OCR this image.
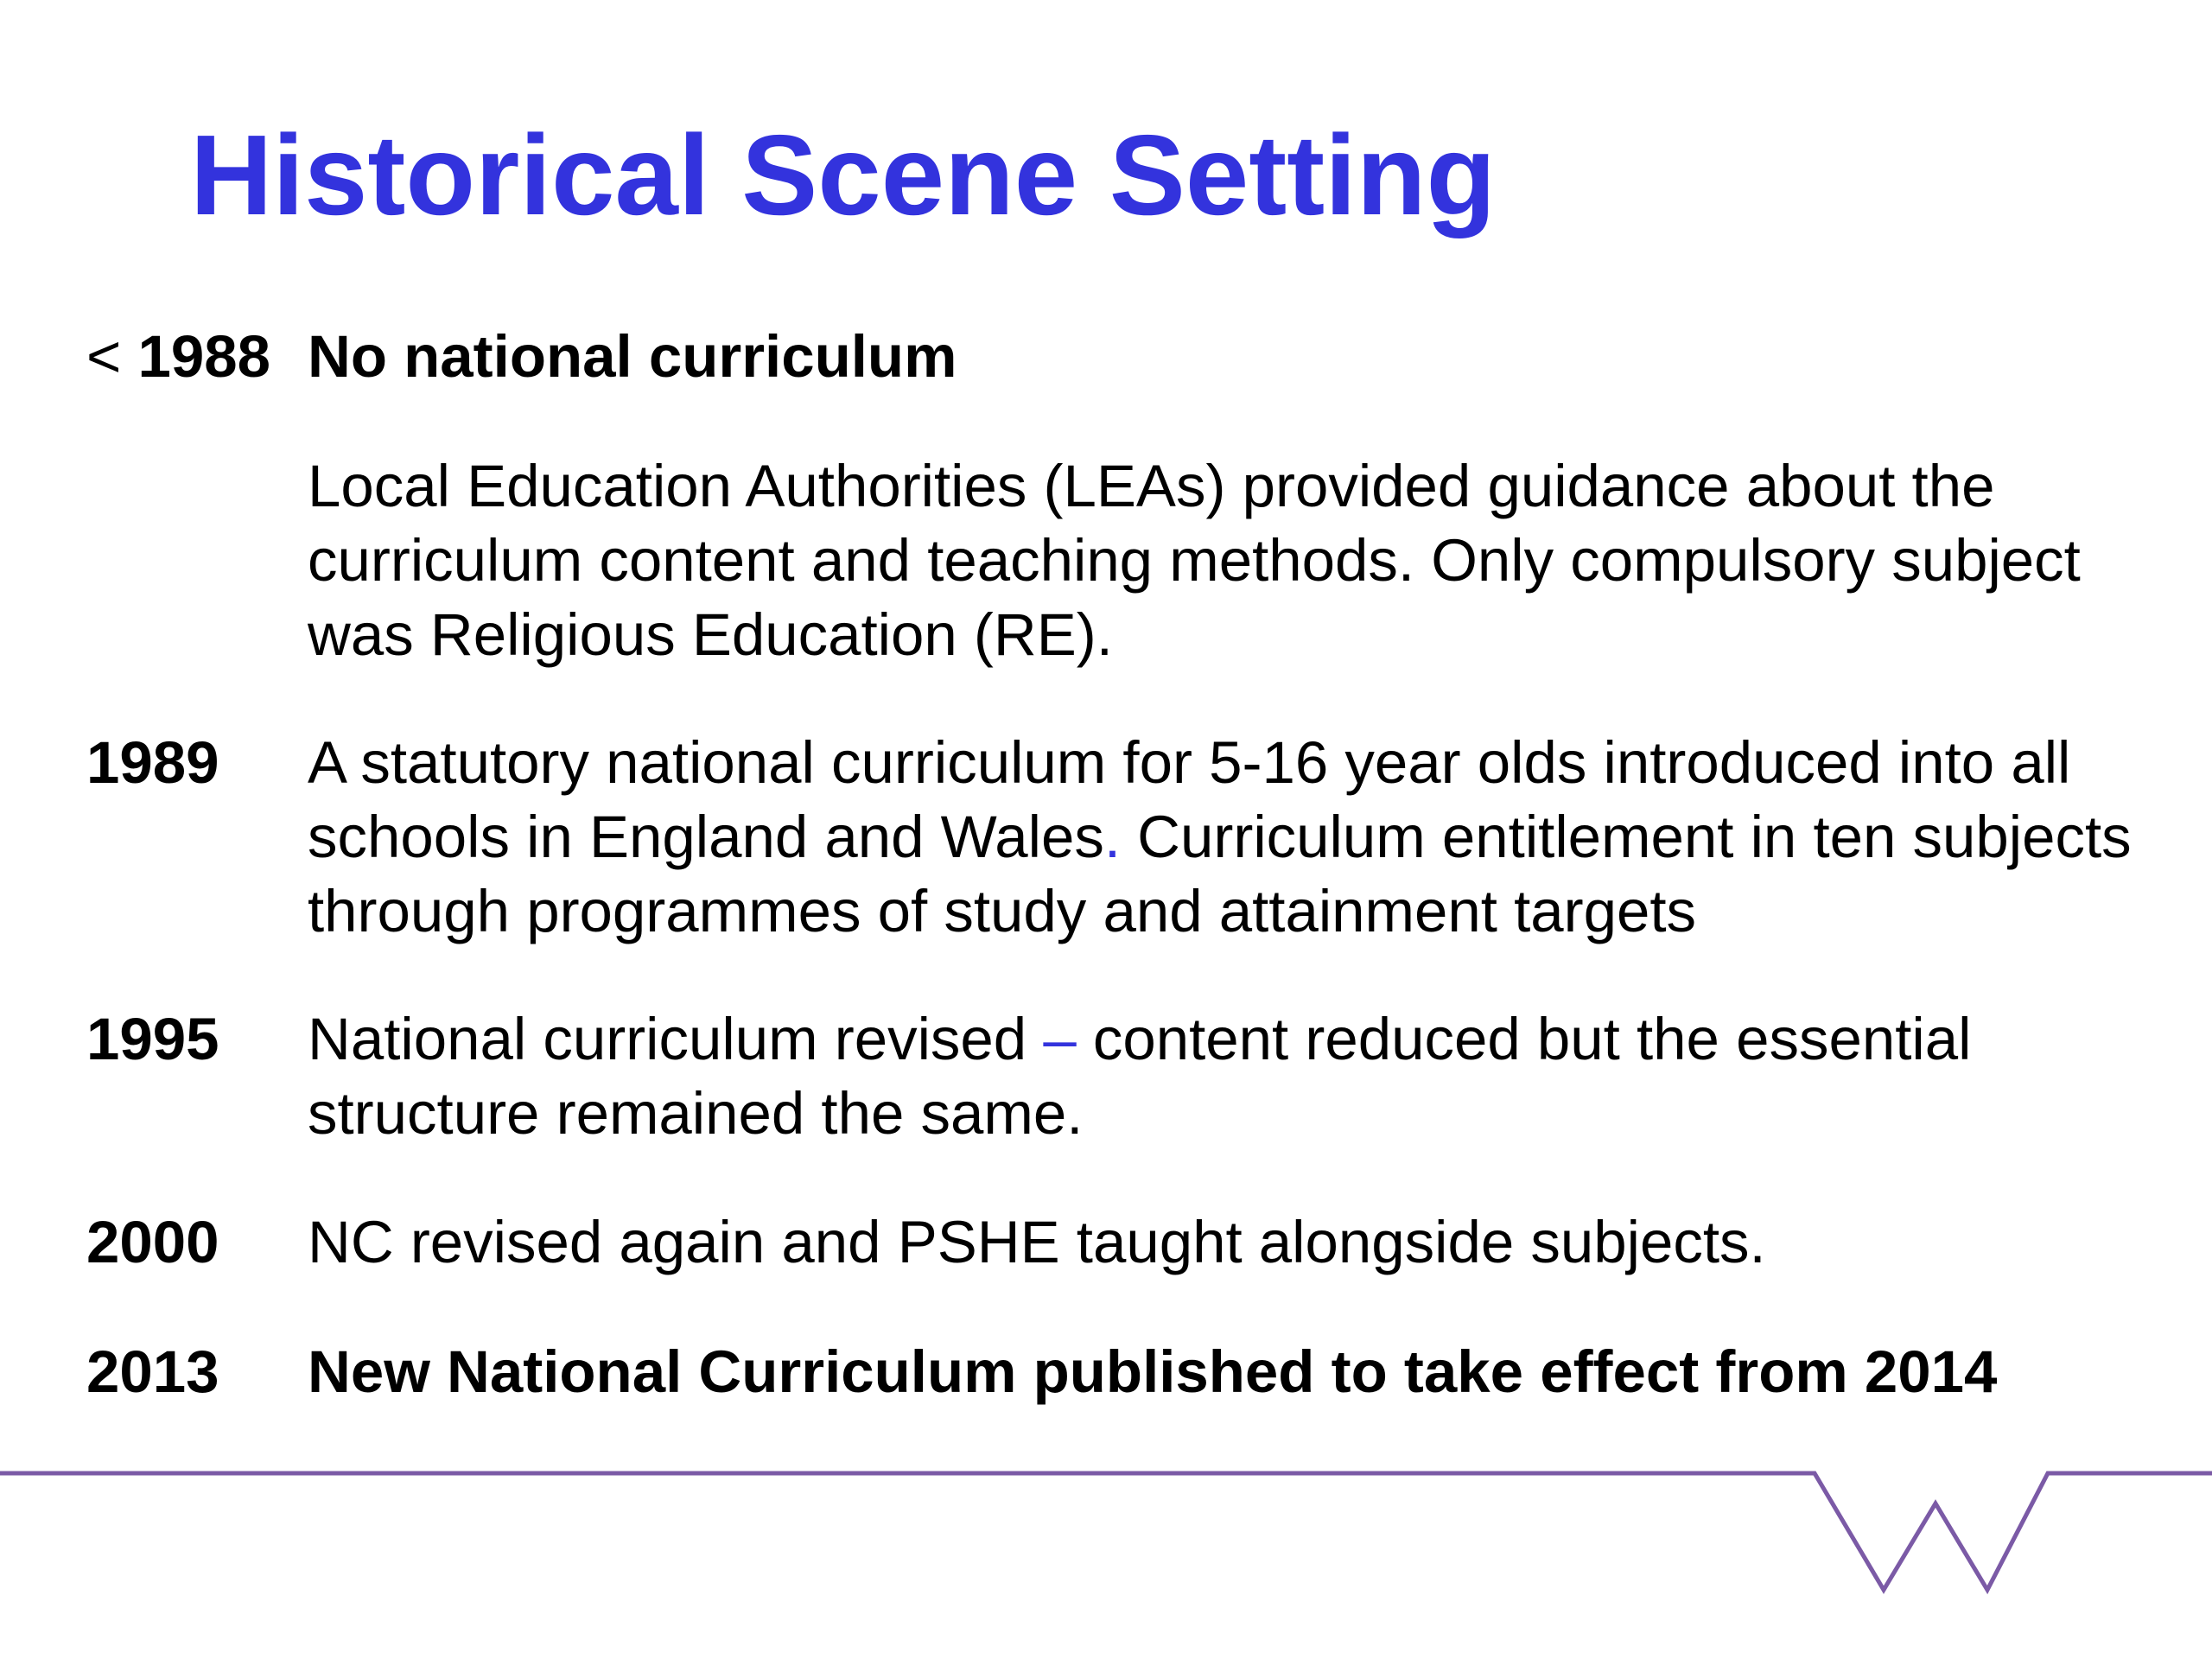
Historical Scene Setting
< 1988 No national curriculum
Local Education Authorities (LEAs) provided guidance about the curriculum content and teaching methods. Only compulsory subject  was Religious Education (RE).
1989 A statutory national curriculum for 5-16 year olds introduced into all schools in England and Wales. Curriculum entitlement in ten subjects through programmes of study and attainment targets
1995 National curriculum revised – content reduced but the essential structure remained the same.
2000 NC revised again and PSHE taught alongside subjects.
2013 New National Curriculum published to take effect from 2014
